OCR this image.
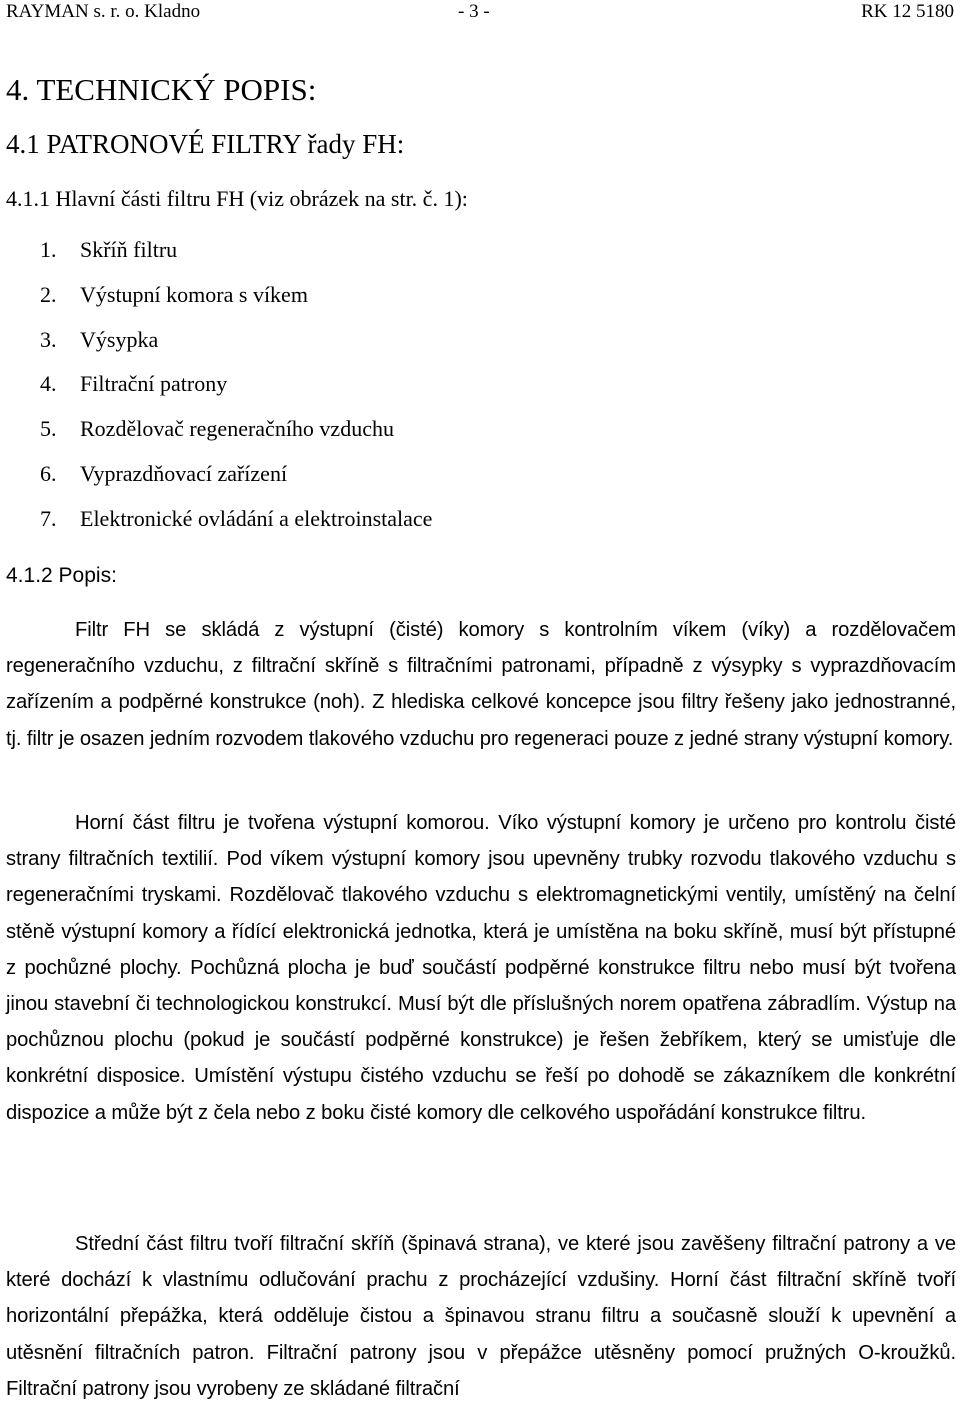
RAYMAN s. r. o. Kladno	- 3 -	RK 12 5180
4. TECHNICKÝ POPIS:
4.1 PATRONOVÉ FILTRY řady FH:
4.1.1 Hlavní části filtru FH (viz obrázek na str. č. 1):
1. Skříň filtru
2. Výstupní komora s víkem
3. Výsypka
4. Filtrační patrony
5. Rozdělovač regeneračního vzduchu
6. Vyprazdňovací zařízení
7. Elektronické ovládání a elektroinstalace
4.1.2 Popis:

Filtr FH se skládá z výstupní (čisté) komory s kontrolním víkem (víky) a rozdělovačem regeneračního vzduchu, z filtrační skříně s filtračními patronami, případně z výsypky s vyprazdňovacím zařízením a podpěrné konstrukce (noh). Z hlediska celkové koncepce jsou filtry řešeny jako jednostranné, tj. filtr je osazen jedním rozvodem tlakového vzduchu pro regeneraci pouze z jedné strany výstupní komory.

Horní část filtru je tvořena výstupní komorou. Víko výstupní komory je určeno pro kontrolu čisté strany filtračních textilií. Pod víkem výstupní komory jsou upevněny trubky rozvodu tlakového vzduchu s regeneračními tryskami. Rozdělovač tlakového vzduchu s elektromagnetickými ventily, umístěný na čelní stěně výstupní komory a řídící elektronická jednotka, která je umístěna na boku skříně, musí být přístupné z pochůzné plochy. Pochůzná plocha je buď součástí podpěrné konstrukce filtru nebo musí být tvořena jinou stavební či technologickou konstrukcí. Musí být dle příslušných norem opatřena zábradlím. Výstup na pochůznou plochu (pokud je součástí podpěrné konstrukce) je řešen žebříkem, který se umisťuje dle konkrétní disposice. Umístění výstupu čistého vzduchu se řeší po dohodě se zákazníkem dle konkrétní dispozice a může být z čela nebo z boku čisté komory dle celkového uspořádání konstrukce filtru.

Střední část filtru tvoří filtrační skříň (špinavá strana), ve které jsou zavěšeny filtrační patrony a ve které dochází k vlastnímu odlučování prachu z procházející vzdušiny. Horní část filtrační skříně tvoří horizontální přepážka, která odděluje čistou a špinavou stranu filtru a současně slouží k upevnění a utěsnění filtračních patron. Filtrační patrony jsou v přepážce utěsněny pomocí pružných O-kroužků. Filtrační patrony jsou vyrobeny ze skládané filtrační
